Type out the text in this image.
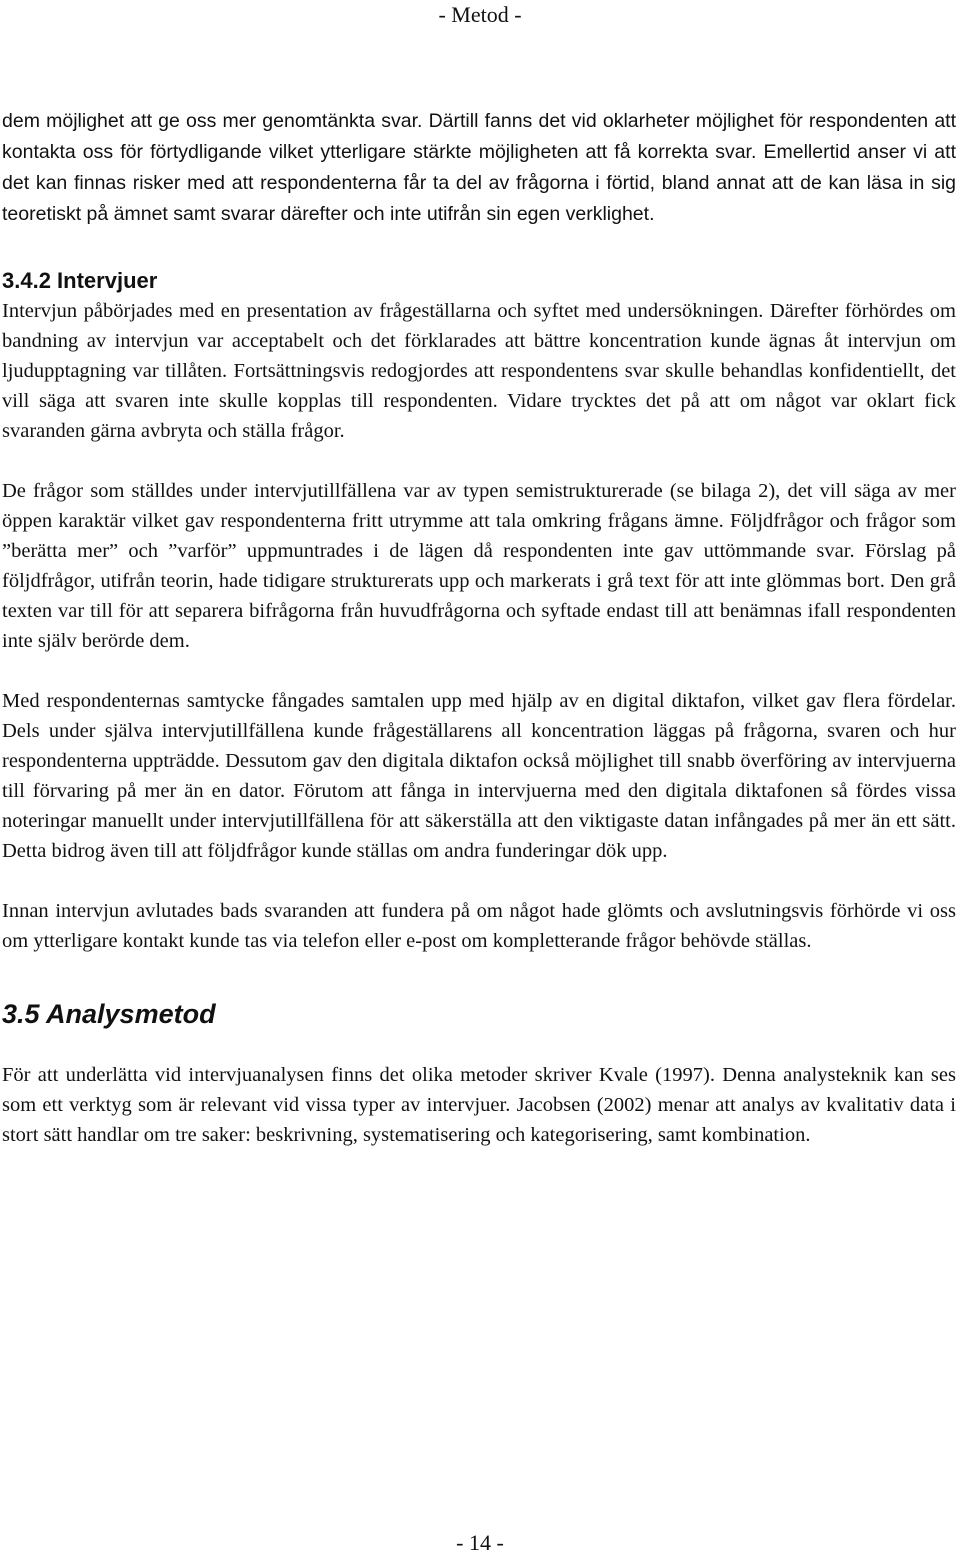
- Metod -

dem möjlighet att ge oss mer genomtänkta svar. Därtill fanns det vid oklarheter möjlighet för respondenten att kontakta oss för förtydligande vilket ytterligare stärkte möjligheten att få korrekta svar. Emellertid anser vi att det kan finnas risker med att respondenterna får ta del av frågorna i förtid, bland annat att de kan läsa in sig teoretiskt på ämnet samt svarar därefter och inte utifrån sin egen verklighet.

3.4.2 Intervjuer

Intervjun påbörjades med en presentation av frågeställarna och syftet med undersökningen. Därefter förhördes om bandning av intervjun var acceptabelt och det förklarades att bättre koncentration kunde ägnas åt intervjun om ljudupptagning var tillåten. Fortsättningsvis redogjordes att respondentens svar skulle behandlas konfidentiellt, det vill säga att svaren inte skulle kopplas till respondenten. Vidare trycktes det på att om något var oklart fick svaranden gärna avbryta och ställa frågor.

De frågor som ställdes under intervjutillfällena var av typen semistrukturerade (se bilaga 2), det vill säga av mer öppen karaktär vilket gav respondenterna fritt utrymme att tala omkring frågans ämne. Följdfrågor och frågor som ”berätta mer” och ”varför” uppmuntrades i de lägen då respondenten inte gav uttömmande svar. Förslag på följdfrågor, utifrån teorin, hade tidigare strukturerats upp och markerats i grå text för att inte glömmas bort. Den grå texten var till för att separera bifrågorna från huvudfrågorna och syftade endast till att benämnas ifall respondenten inte själv berörde dem.

Med respondenternas samtycke fångades samtalen upp med hjälp av en digital diktafon, vilket gav flera fördelar. Dels under själva intervjutillfällena kunde frågeställarens all koncentration läggas på frågorna, svaren och hur respondenterna uppträdde. Dessutom gav den digitala diktafon också möjlighet till snabb överföring av intervjuerna till förvaring på mer än en dator. Förutom att fånga in intervjuerna med den digitala diktafonen så fördes vissa noteringar manuellt under intervjutillfällena för att säkerställa att den viktigaste datan infångades på mer än ett sätt. Detta bidrog även till att följdfrågor kunde ställas om andra funderingar dök upp.

Innan intervjun avlutades bads svaranden att fundera på om något hade glömts och avslutningsvis förhörde vi oss om ytterligare kontakt kunde tas via telefon eller e-post om kompletterande frågor behövde ställas.

3.5 Analysmetod

För att underlätta vid intervjuanalysen finns det olika metoder skriver Kvale (1997). Denna analysteknik kan ses som ett verktyg som är relevant vid vissa typer av intervjuer. Jacobsen (2002) menar att analys av kvalitativ data i stort sätt handlar om tre saker: beskrivning, systematisering och kategorisering, samt kombination.

- 14 -
